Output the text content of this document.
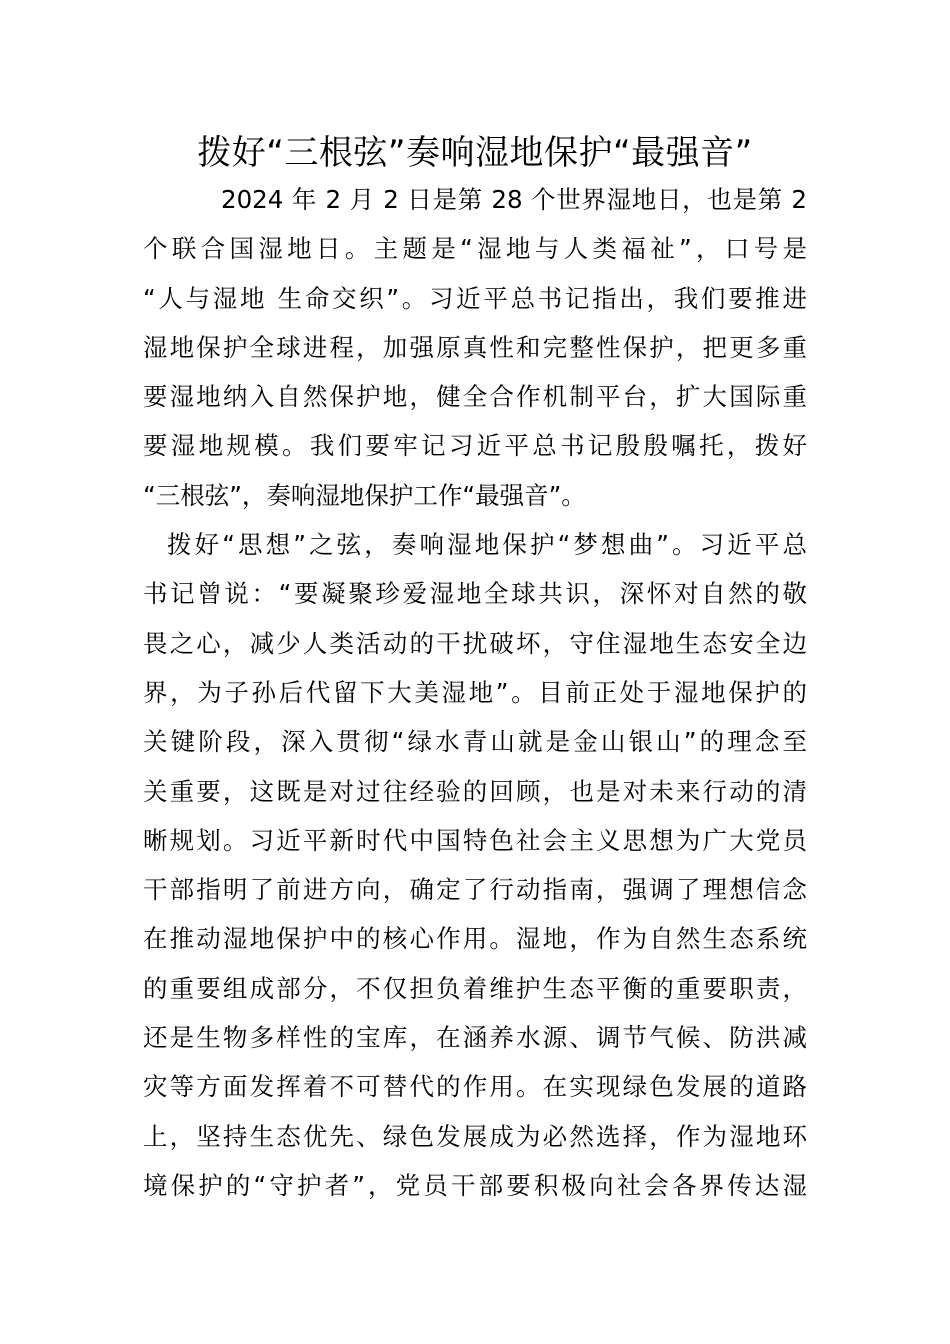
拨好“三根弦”奏响湿地保护“最强音”
2024 年 2 月 2 日是第 28 个世界湿地日，也是第 2
个联合国湿地日。主题是“湿地与人类福祉”，口号是
“人与湿地 生命交织”。习近平总书记指出，我们要推进
湿地保护全球进程，加强原真性和完整性保护，把更多重
要湿地纳入自然保护地，健全合作机制平台，扩大国际重
要湿地规模。我们要牢记习近平总书记殷殷嘱托，拨好
“三根弦”，奏响湿地保护工作“最强音”。
拨好“思想”之弦，奏响湿地保护“梦想曲”。习近平总
书记曾说：“要凝聚珍爱湿地全球共识，深怀对自然的敬
畏之心，减少人类活动的干扰破坏，守住湿地生态安全边
界，为子孙后代留下大美湿地”。目前正处于湿地保护的
关键阶段，深入贯彻“绿水青山就是金山银山”的理念至
关重要，这既是对过往经验的回顾，也是对未来行动的清
晰规划。习近平新时代中国特色社会主义思想为广大党员
干部指明了前进方向，确定了行动指南，强调了理想信念
在推动湿地保护中的核心作用。湿地，作为自然生态系统
的重要组成部分，不仅担负着维护生态平衡的重要职责，
还是生物多样性的宝库，在涵养水源、调节气候、防洪减
灾等方面发挥着不可替代的作用。在实现绿色发展的道路
上，坚持生态优先、绿色发展成为必然选择，作为湿地环
境保护的“守护者”，党员干部要积极向社会各界传达湿
